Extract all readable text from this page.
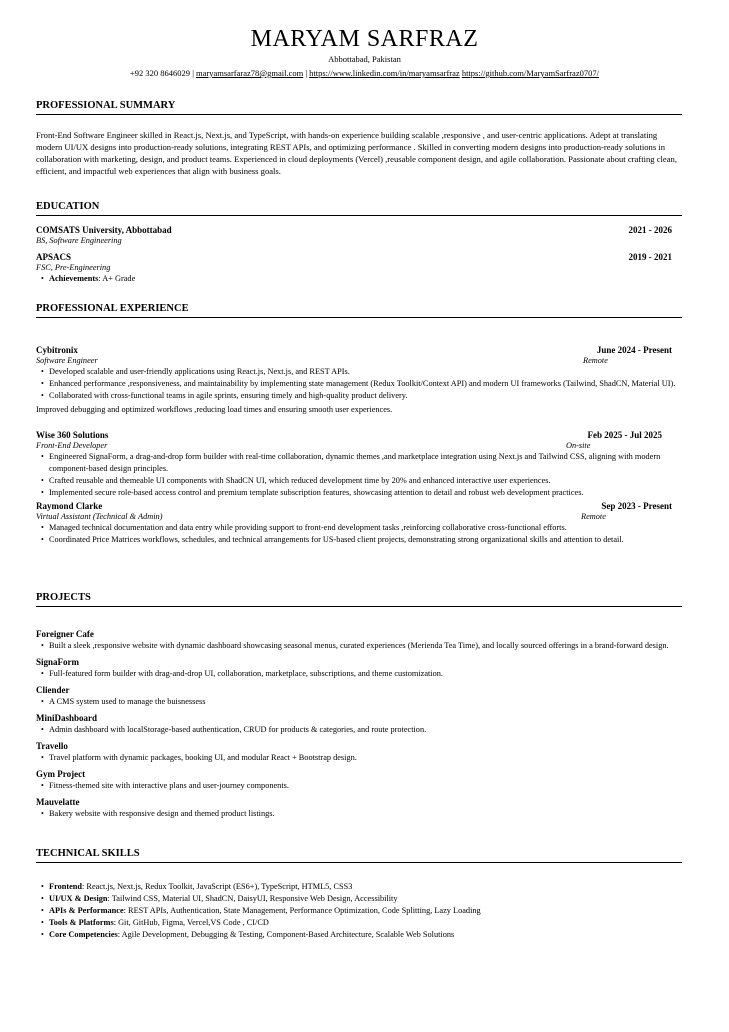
MARYAM SARFRAZ
Abbottabad, Pakistan
+92 320 8646029 | maryamsarfaraz78@gmail.com | https://www.linkedin.com/in/maryamsarfraz https://github.com/MaryamSarfraz0707/
PROFESSIONAL SUMMARY
Front-End Software Engineer skilled in React.js, Next.js, and TypeScript, with hands-on experience building scalable ,responsive , and user-centric applications. Adept at translating modern UI/UX designs into production-ready solutions, integrating REST APIs, and optimizing performance . Skilled in converting modern designs into production-ready solutions in collaboration with marketing, design, and product teams. Experienced in cloud deployments (Vercel) ,reusable component design, and agile collaboration. Passionate about crafting clean, efficient, and impactful web experiences that align with business goals.
EDUCATION
COMSATS University, Abbottabad	2021 - 2026
BS, Software Engineering
APSACS	2019 - 2021
FSC, Pre-Engineering
• Achievements: A+ Grade
PROFESSIONAL EXPERIENCE
Cybitronix	June 2024 - Present
Software Engineer	Remote
• Developed scalable and user-friendly applications using React.js, Next.js, and REST APIs.
• Enhanced performance ,responsiveness, and maintainability by implementing state management (Redux Toolkit/Context API) and modern UI frameworks (Tailwind, ShadCN, Material UI).
• Collaborated with cross-functional teams in agile sprints, ensuring timely and high-quality product delivery.
Improved debugging and optimized workflows ,reducing load times and ensuring smooth user experiences.
Wise 360 Solutions	Feb 2025 - Jul 2025
Front-End Developer	On-site
• Engineered SignaForm, a drag-and-drop form builder with real-time collaboration, dynamic themes ,and marketplace integration using Next.js and Tailwind CSS, aligning with modern component-based design principles.
• Crafted reusable and themeable UI components with ShadCN UI, which reduced development time by 20% and enhanced interactive user experiences.
• Implemented secure role-based access control and premium template subscription features, showcasing attention to detail and robust web development practices.
Raymond Clarke	Sep 2023 - Present
Virtual Assistant (Technical & Admin)	Remote
• Managed technical documentation and data entry while providing support to front-end development tasks ,reinforcing collaborative cross-functional efforts.
• Coordinated Price Matrices workflows, schedules, and technical arrangements for US-based client projects, demonstrating strong organizational skills and attention to detail.
PROJECTS
Foreigner Cafe
• Built a sleek ,responsive website with dynamic dashboard showcasing seasonal menus, curated experiences (Merienda Tea Time), and locally sourced offerings in a brand-forward design.
SignaForm
• Full-featured form builder with drag-and-drop UI, collaboration, marketplace, subscriptions, and theme customization.
Cliender
• A CMS system used to manage the buisnessess
MiniDashboard
• Admin dashboard with localStorage-based authentication, CRUD for products & categories, and route protection.
Travello
• Travel platform with dynamic packages, booking UI, and modular React + Bootstrap design.
Gym Project
• Fitness-themed site with interactive plans and user-journey components.
Mauvelatte
• Bakery website with responsive design and themed product listings.
TECHNICAL SKILLS
• Frontend: React.js, Next.js, Redux Toolkit, JavaScript (ES6+), TypeScript, HTML5, CSS3
• UI/UX & Design: Tailwind CSS, Material UI, ShadCN, DaisyUI, Responsive Web Design, Accessibility
• APIs & Performance: REST APIs, Authentication, State Management, Performance Optimization, Code Splitting, Lazy Loading
• Tools & Platforms: Git, GitHub, Figma, Vercel,VS Code , CI/CD
• Core Competencies: Agile Development, Debugging & Testing, Component-Based Architecture, Scalable Web Solutions
